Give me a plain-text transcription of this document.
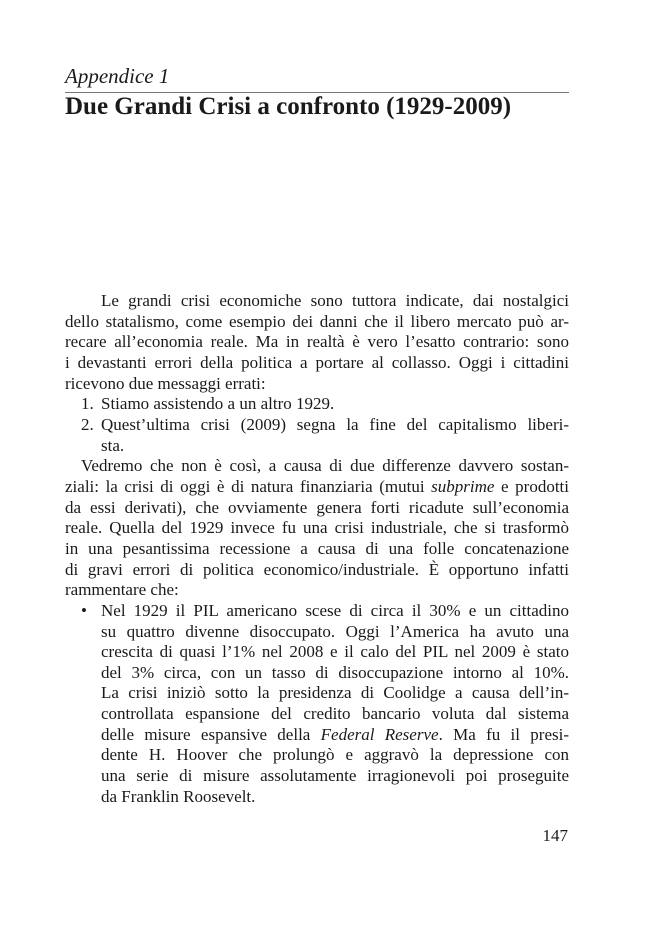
Appendice 1
Due Grandi Crisi a confronto (1929-2009)
Le grandi crisi economiche sono tuttora indicate, dai nostalgici
dello statalismo, come esempio dei danni che il libero mercato può ar-
recare all’economia reale. Ma in realtà è vero l’esatto contrario: sono
i devastanti errori della politica a portare al collasso. Oggi i cittadini
ricevono due messaggi errati:
1. Stiamo assistendo a un altro 1929.
2. Quest’ultima crisi (2009) segna la fine del capitalismo liberi-
sta.
Vedremo che non è così, a causa di due differenze davvero sostan-
ziali: la crisi di oggi è di natura finanziaria (mutui subprime e prodotti
da essi derivati), che ovviamente genera forti ricadute sull’economia
reale. Quella del 1929 invece fu una crisi industriale, che si trasformò
in una pesantissima recessione a causa di una folle concatenazione
di gravi errori di politica economico/industriale. È opportuno infatti
rammentare che:
• Nel 1929 il PIL americano scese di circa il 30% e un cittadino
su quattro divenne disoccupato. Oggi l’America ha avuto una
crescita di quasi l’1% nel 2008 e il calo del PIL nel 2009 è stato
del 3% circa, con un tasso di disoccupazione intorno al 10%.
La crisi iniziò sotto la presidenza di Coolidge a causa dell’in-
controllata espansione del credito bancario voluta dal sistema
delle misure espansive della Federal Reserve. Ma fu il presi-
dente H. Hoover che prolungò e aggravò la depressione con
una serie di misure assolutamente irragionevoli poi proseguite
da Franklin Roosevelt.
147
